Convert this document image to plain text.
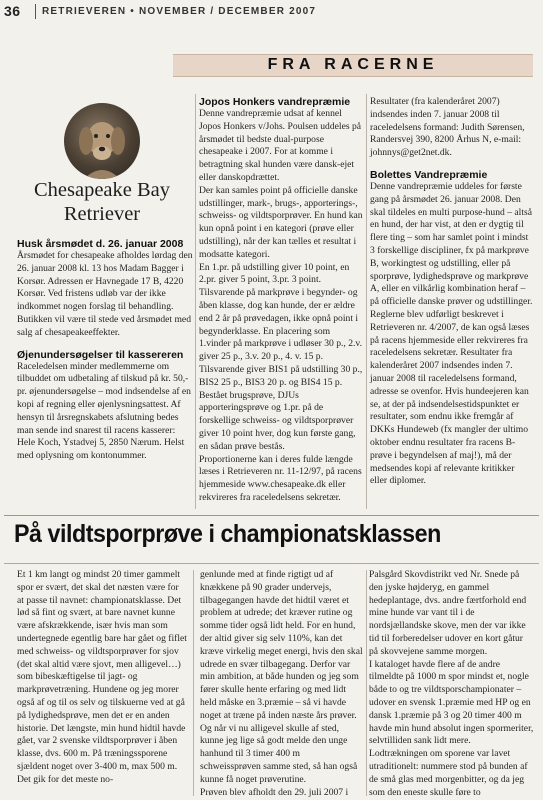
36 RETRIEVEREN • NOVEMBER / DECEMBER 2007
FRA RACERNE
Chesapeake Bay Retriever

Husk årsmødet d. 26. januar 2008

Årsmødet for chesapeake afholdes lørdag den 26. januar 2008 kl. 13 hos Madam Bagger i Korsør. Adressen er Havnegade 17 B, 4220 Korsør. Ved fristens udløb var der ikke indkommet nogen forslag til behandling. Butikken vil være til stede ved årsmødet med salg af chesapeakeeffekter.

Øjenundersøgelser til kassereren

Raceledelsen minder medlemmerne om tilbuddet om udbetaling af tilskud på kr. 50,- pr. øjenundersøgelse – mod indsendelse af en kopi af regning eller øjenlysningsattest. Af hensyn til årsregnskabets afslutning bedes man sende ind snarest til racens kasserer: Hele Koch, Ystadvej 5, 2850 Nærum. Helst med oplysning om kontonummer.

Jopos Honkers vandrepræmie

Denne vandrepræmie udsat af kennel Jopos Honkers v/Johs. Poulsen uddeles på årsmødet til bedste dual-purpose chesapeake i 2007. For at komme i betragtning skal hunden være dansk-ejet eller danskopdrættet.

Der kan samles point på officielle danske udstillinger, mark-, brugs-, apporterings-, schweiss- og vildtsporprøver. En hund kan kun opnå point i en kategori (prøve eller udstilling), når der kan tælles et resultat i modsatte kategori.

En 1.pr. på udstilling giver 10 point, en 2.pr. giver 5 point, 3.pr. 3 point. Tilsvarende på markprøve i begynder- og åben klasse, dog kan hunde, der er ældre end 2 år på prøvedagen, ikke opnå point i begynderklasse. En placering som 1.vinder på markprøve i udløser 30 p., 2.v. giver 25 p., 3.v. 20 p., 4. v. 15 p. Tilsvarende giver BIS1 på udstilling 30 p., BIS2 25 p., BIS3 20 p. og BIS4 15 p. Bestået brugsprøve, DJUs apporteringsprøve og 1.pr. på de forskellige schweiss- og vildtsporprøver giver 10 point hver, dog kun første gang, en sådan prøve bestås.

Proportionerne kan i deres fulde længde læses i Retrieveren nr. 11-12/97, på racens hjemmeside www.chesapeake.dk eller rekvireres fra raceledelsens sekretær.

Resultater (fra kalenderåret 2007) indsendes inden 7. januar 2008 til raceledelsens formand: Judith Sørensen, Randersvej 390, 8200 Århus N, e-mail: johnnys@get2net.dk.

Bolettes Vandrepræmie

Denne vandrepræmie uddeles for første gang på årsmødet 26. januar 2008. Den skal tildeles en multi purpose-hund – altså en hund, der har vist, at den er dygtig til flere ting – som har samlet point i mindst 3 forskellige discipliner, fx på markprøve B, workingtest og udstilling, eller på sporprøve, lydighedsprøve og markprøve A, eller en vilkårlig kombination heraf – på officielle danske prøver og udstillinger. Reglerne blev udførligt beskrevet i Retrieveren nr. 4/2007, de kan også læses på racens hjemmeside eller rekvireres fra raceledelsens sekretær. Resultater fra kalenderåret 2007 indsendes inden 7. januar 2008 til raceledelsens formand, adresse se ovenfor. Hvis hundeejeren kan se, at der på indsendelsestidspunktet er resultater, som endnu ikke fremgår af DKKs Hundeweb (fx mangler der ultimo oktober endnu resultater fra racens B-prøve i begyndelsen af maj!), må der medsendes kopi af relevante kritikker eller diplomer.

På vildtsporprøve i championatsklassen

Et 1 km langt og mindst 20 timer gammelt spor er svært, det skal det næsten være for at passe til navnet: championatsklasse. Det lød så fint og svært, at bare navnet kunne være afskrækkende, især hvis man som undertegnede egentlig bare har gået og fiflet med schweiss- og vildtsporprøver for sjov (det skal altid være sjovt, men alligevel…) som bibeskæftigelse til jagt- og markprøvetræning. Hundene og jeg morer også af og til os selv og tilskuerne ved at gå på lydighedsprøve, men det er en anden historie. Det længste, min hund hidtil havde gået, var 2 svenske vildtsporprøver i åben klasse, dvs. 600 m. På træningssporene sjældent noget over 3-400 m, max 500 m. Det gik for det meste no-

genlunde med at finde rigtigt ud af knækkene på 90 grader undervejs, tilbagegangen havde det hidtil været et problem at udrede; det kræver rutine og somme tider også lidt held. For en hund, der altid giver sig selv 110%, kan det kræve virkelig meget energi, hvis den skal udrede en svær tilbagegang. Derfor var min ambition, at både hunden og jeg som fører skulle hente erfaring og med lidt held måske en 3.præmie – så vi havde noget at træne på inden næste års prøver. Og når vi nu alligevel skulle af sted, kunne jeg lige så godt melde den unge hanhund til 3 timer 400 m schweissprøven samme sted, så han også kunne få noget prøverutine.

Prøven blev afholdt den 29. juli 2007 i

Palsgård Skovdistrikt ved Nr. Snede på den jyske højderyg, en gammel hedeplantage, dvs. andre færtforhold end mine hunde var vant til i de nordsjællandske skove, men der var ikke tid til forberedelser udover en kort gåtur på skovvejene samme morgen.

I kataloget havde flere af de andre tilmeldte på 1000 m spor mindst et, nogle både to og tre vildtsporschampionater – udover en svensk 1.præmie med HP og en dansk 1.præmie på 3 og 20 timer 400 m havde min hund absolut ingen spormeriter, selvtilliden sank lidt mere.

Lodtrækningen om sporene var lavet utraditionelt: nummere stod på bunden af de små glas med morgenbitter, og da jeg som den eneste skulle føre to
